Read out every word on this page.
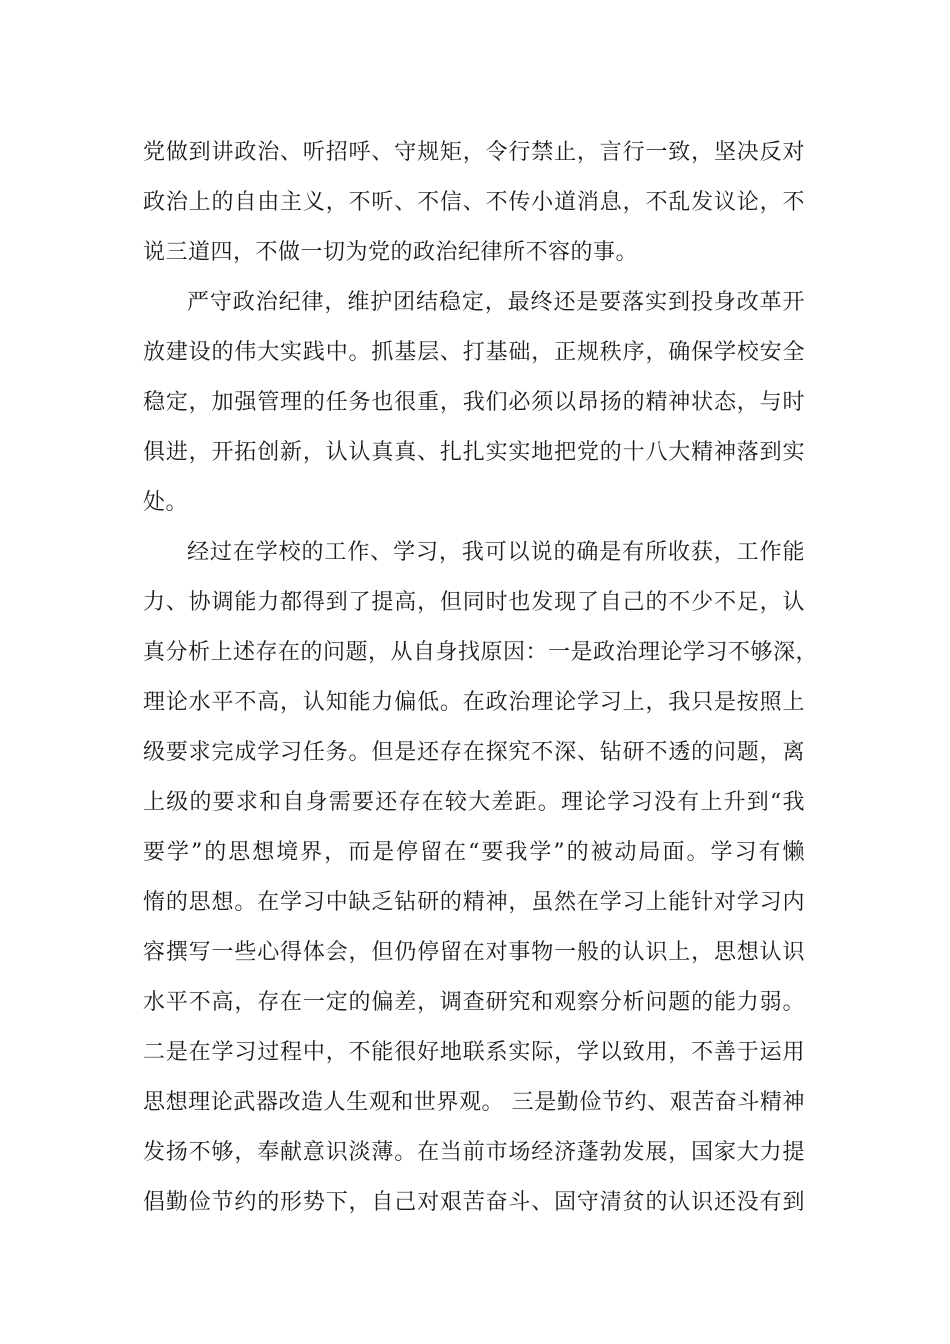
党做到讲政治、听招呼、守规矩，令行禁止，言行一致，坚决反对
政治上的自由主义，不听、不信、不传小道消息，不乱发议论，不
说三道四，不做一切为党的政治纪律所不容的事。
严守政治纪律，维护团结稳定，最终还是要落实到投身改革开
放建设的伟大实践中。抓基层、打基础，正规秩序，确保学校安全
稳定，加强管理的任务也很重，我们必须以昂扬的精神状态，与时
俱进，开拓创新，认认真真、扎扎实实地把党的十八大精神落到实
处。
经过在学校的工作、学习，我可以说的确是有所收获，工作能
力、协调能力都得到了提高，但同时也发现了自己的不少不足，认
真分析上述存在的问题，从自身找原因：一是政治理论学习不够深，
理论水平不高，认知能力偏低。在政治理论学习上，我只是按照上
级要求完成学习任务。但是还存在探究不深、钻研不透的问题，离
上级的要求和自身需要还存在较大差距。理论学习没有上升到“我
要学”的思想境界，而是停留在“要我学”的被动局面。学习有懒
惰的思想。在学习中缺乏钻研的精神，虽然在学习上能针对学习内
容撰写一些心得体会，但仍停留在对事物一般的认识上，思想认识
水平不高，存在一定的偏差，调查研究和观察分析问题的能力弱。
二是在学习过程中，不能很好地联系实际，学以致用，不善于运用
思想理论武器改造人生观和世界观。 三是勤俭节约、艰苦奋斗精神
发扬不够，奉献意识淡薄。在当前市场经济蓬勃发展，国家大力提
倡勤俭节约的形势下，自己对艰苦奋斗、固守清贫的认识还没有到
